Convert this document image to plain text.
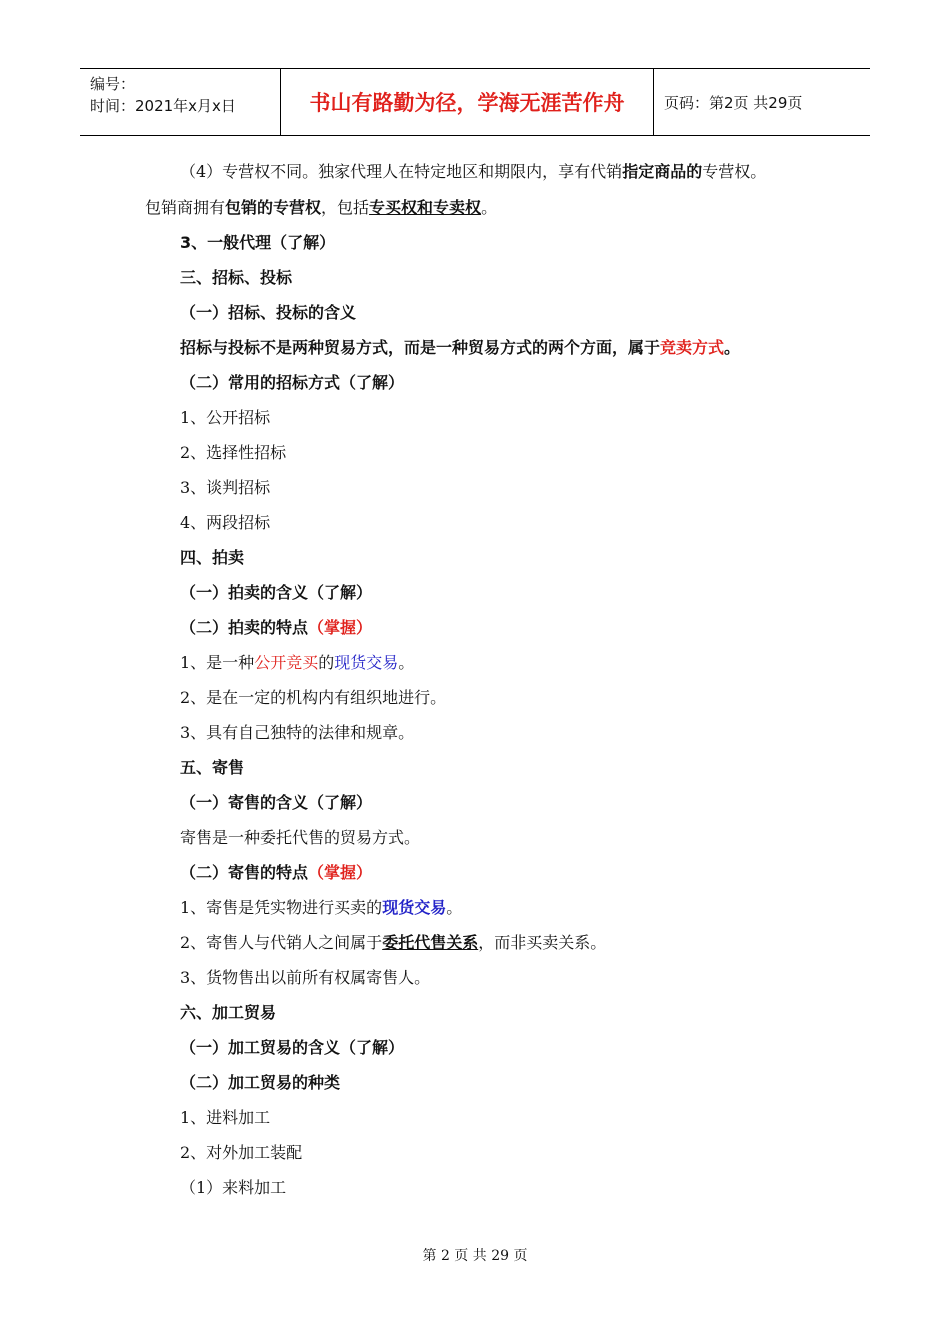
编号：
时间：2021年x月x日	书山有路勤为径，学海无涯苦作舟	页码：第2页 共29页
（4）专营权不同。独家代理人在特定地区和期限内，享有代销指定商品的专营权。
包销商拥有包销的专营权，包括专买权和专卖权。
3、一般代理（了解）
三、招标、投标
（一）招标、投标的含义
招标与投标不是两种贸易方式，而是一种贸易方式的两个方面，属于竞卖方式。
（二）常用的招标方式（了解）
1、公开招标
2、选择性招标
3、谈判招标
4、两段招标
四、拍卖
（一）拍卖的含义（了解）
（二）拍卖的特点（掌握）
1、是一种公开竞买的现货交易。
2、是在一定的机构内有组织地进行。
3、具有自己独特的法律和规章。
五、寄售
（一）寄售的含义（了解）
寄售是一种委托代售的贸易方式。
（二）寄售的特点（掌握）
1、寄售是凭实物进行买卖的现货交易。
2、寄售人与代销人之间属于委托代售关系，而非买卖关系。
3、货物售出以前所有权属寄售人。
六、加工贸易
（一）加工贸易的含义（了解）
（二）加工贸易的种类
1、进料加工
2、对外加工装配
（1）来料加工
第 2 页 共 29 页
